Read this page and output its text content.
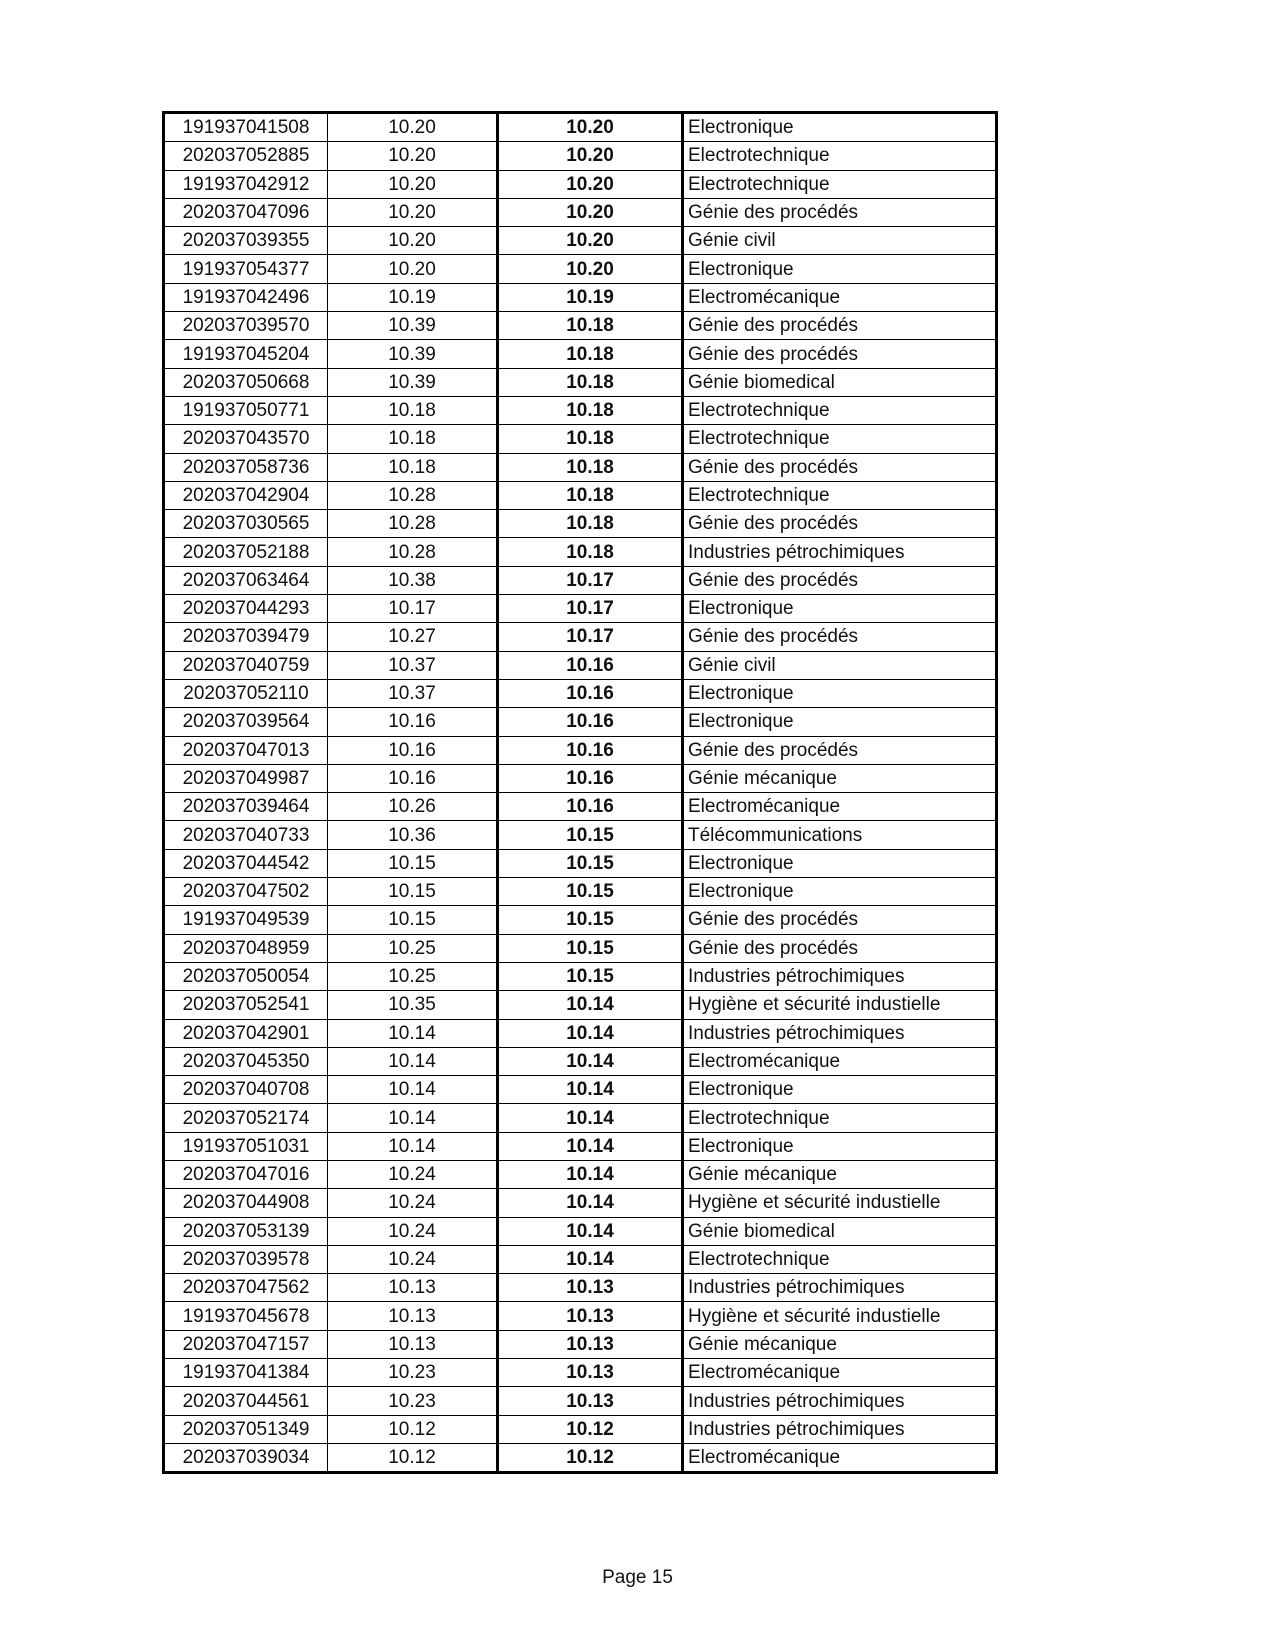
191937041508	10.20	10.20	Electronique
202037052885	10.20	10.20	Electrotechnique
191937042912	10.20	10.20	Electrotechnique
202037047096	10.20	10.20	Génie des procédés
202037039355	10.20	10.20	Génie civil
191937054377	10.20	10.20	Electronique
191937042496	10.19	10.19	Electromécanique
202037039570	10.39	10.18	Génie des procédés
191937045204	10.39	10.18	Génie des procédés
202037050668	10.39	10.18	Génie biomedical
191937050771	10.18	10.18	Electrotechnique
202037043570	10.18	10.18	Electrotechnique
202037058736	10.18	10.18	Génie des procédés
202037042904	10.28	10.18	Electrotechnique
202037030565	10.28	10.18	Génie des procédés
202037052188	10.28	10.18	Industries pétrochimiques
202037063464	10.38	10.17	Génie des procédés
202037044293	10.17	10.17	Electronique
202037039479	10.27	10.17	Génie des procédés
202037040759	10.37	10.16	Génie civil
202037052110	10.37	10.16	Electronique
202037039564	10.16	10.16	Electronique
202037047013	10.16	10.16	Génie des procédés
202037049987	10.16	10.16	Génie mécanique
202037039464	10.26	10.16	Electromécanique
202037040733	10.36	10.15	Télécommunications
202037044542	10.15	10.15	Electronique
202037047502	10.15	10.15	Electronique
191937049539	10.15	10.15	Génie des procédés
202037048959	10.25	10.15	Génie des procédés
202037050054	10.25	10.15	Industries pétrochimiques
202037052541	10.35	10.14	Hygiène et sécurité industielle
202037042901	10.14	10.14	Industries pétrochimiques
202037045350	10.14	10.14	Electromécanique
202037040708	10.14	10.14	Electronique
202037052174	10.14	10.14	Electrotechnique
191937051031	10.14	10.14	Electronique
202037047016	10.24	10.14	Génie mécanique
202037044908	10.24	10.14	Hygiène et sécurité industielle
202037053139	10.24	10.14	Génie biomedical
202037039578	10.24	10.14	Electrotechnique
202037047562	10.13	10.13	Industries pétrochimiques
191937045678	10.13	10.13	Hygiène et sécurité industielle
202037047157	10.13	10.13	Génie mécanique
191937041384	10.23	10.13	Electromécanique
202037044561	10.23	10.13	Industries pétrochimiques
202037051349	10.12	10.12	Industries pétrochimiques
202037039034	10.12	10.12	Electromécanique
Page 15
